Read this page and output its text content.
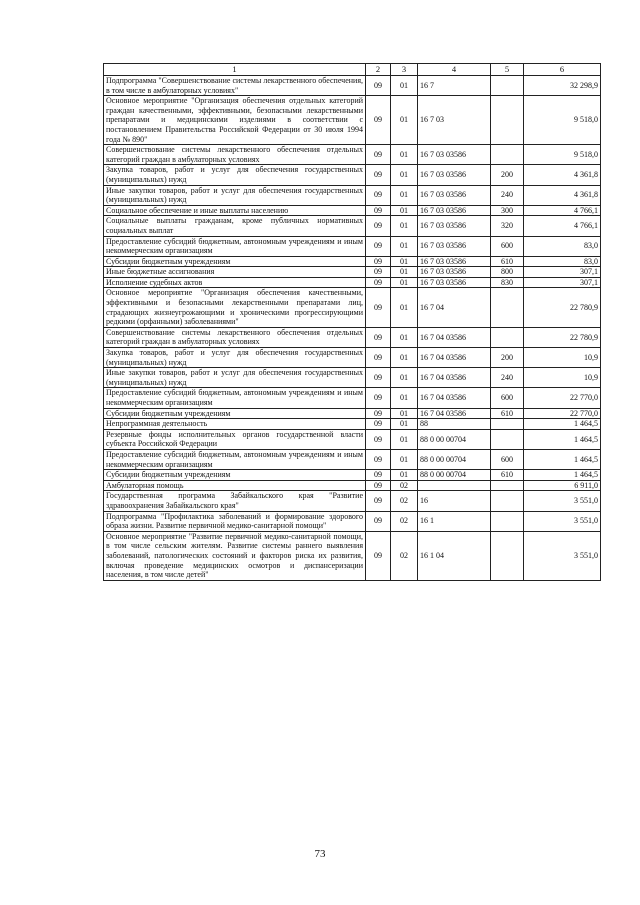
1	2	3	4	5	6
Подпрограмма "Совершенствование системы лекарственного обеспечения, в том числе в амбулаторных условиях"	09	01	16 7		32 298,9
Основное мероприятие "Организация обеспечения отдельных категорий граждан качественными, эффективными, безопасными лекарственными препаратами и медицинскими изделиями в соответствии с постановлением Правительства Российской Федерации от 30 июля 1994 года № 890"	09	01	16 7 03		9 518,0
Совершенствование системы лекарственного обеспечения отдельных категорий граждан в амбулаторных условиях	09	01	16 7 03 03586		9 518,0
Закупка товаров, работ и услуг для обеспечения государственных (муниципальных) нужд	09	01	16 7 03 03586	200	4 361,8
Иные закупки товаров, работ и услуг для обеспечения государственных (муниципальных) нужд	09	01	16 7 03 03586	240	4 361,8
Социальное обеспечение и иные выплаты населению	09	01	16 7 03 03586	300	4 766,1
Социальные выплаты гражданам, кроме публичных нормативных социальных выплат	09	01	16 7 03 03586	320	4 766,1
Предоставление субсидий бюджетным, автономным учреждениям и иным некоммерческим организациям	09	01	16 7 03 03586	600	83,0
Субсидии бюджетным учреждениям	09	01	16 7 03 03586	610	83,0
Иные бюджетные ассигнования	09	01	16 7 03 03586	800	307,1
Исполнение судебных актов	09	01	16 7 03 03586	830	307,1
Основное мероприятие "Организация обеспечения качественными, эффективными и безопасными лекарственными препаратами лиц, страдающих жизнеугрожающими и хроническими прогрессирующими редкими (орфанными) заболеваниями"	09	01	16 7 04		22 780,9
Совершенствование системы лекарственного обеспечения отдельных категорий граждан в амбулаторных условиях	09	01	16 7 04 03586		22 780,9
Закупка товаров, работ и услуг для обеспечения государственных (муниципальных) нужд	09	01	16 7 04 03586	200	10,9
Иные закупки товаров, работ и услуг для обеспечения государственных (муниципальных) нужд	09	01	16 7 04 03586	240	10,9
Предоставление субсидий бюджетным, автономным учреждениям и иным некоммерческим организациям	09	01	16 7 04 03586	600	22 770,0
Субсидии бюджетным учреждениям	09	01	16 7 04 03586	610	22 770,0
Непрограммная деятельность	09	01	88		1 464,5
Резервные фонды исполнительных органов государственной власти субъекта Российской Федерации	09	01	88 0 00 00704		1 464,5
Предоставление субсидий бюджетным, автономным учреждениям и иным некоммерческим организациям	09	01	88 0 00 00704	600	1 464,5
Субсидии бюджетным учреждениям	09	01	88 0 00 00704	610	1 464,5
Амбулаторная помощь	09	02			6 911,0
Государственная программа Забайкальского края "Развитие здравоохранения Забайкальского края"	09	02	16		3 551,0
Подпрограмма "Профилактика заболеваний и формирование здорового образа жизни. Развитие первичной медико-санитарной помощи"	09	02	16 1		3 551,0
Основное мероприятие "Развитие первичной медико-санитарной помощи, в том числе сельским жителям. Развитие системы раннего выявления заболеваний, патологических состояний и факторов риска их развития, включая проведение медицинских осмотров и диспансеризации населения, в том числе детей"	09	02	16 1 04		3 551,0
73
